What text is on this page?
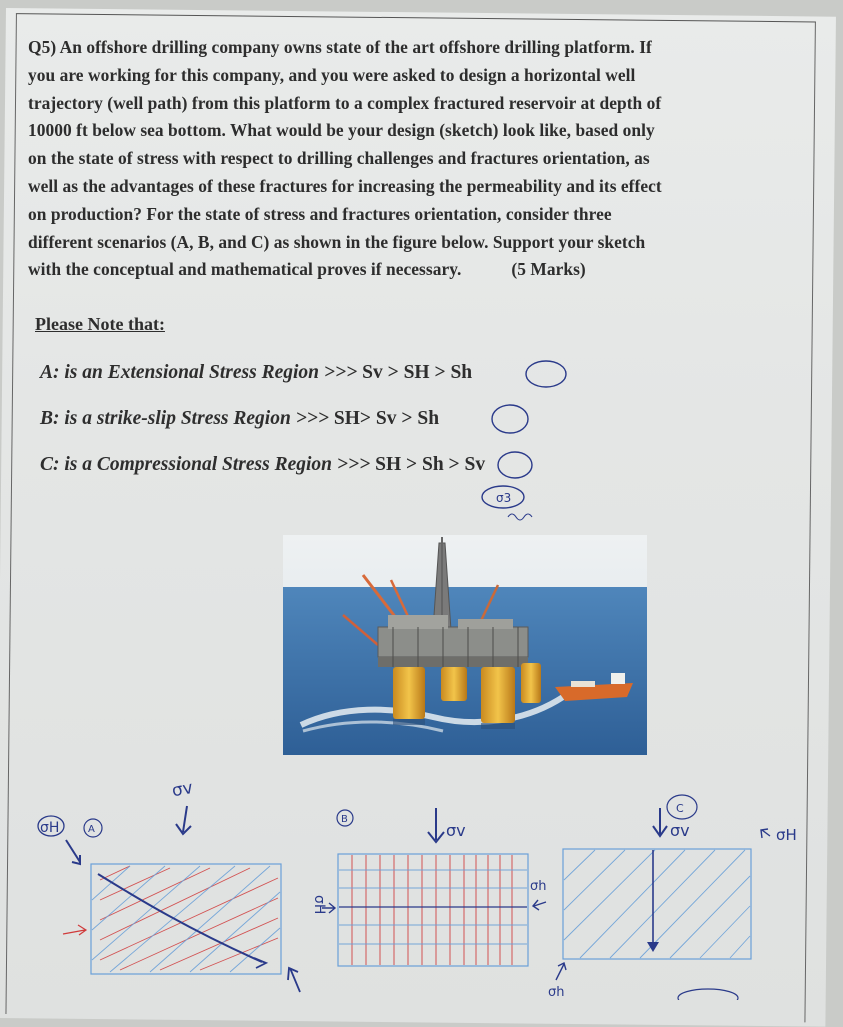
Q5) An offshore drilling company owns state of the art offshore drilling platform. If
you are working for this company, and you were asked to design a horizontal well
trajectory (well path) from this platform to a complex fractured reservoir at depth of
10000 ft below sea bottom. What would be your design (sketch) look like, based only
on the state of stress with respect to drilling challenges and fractures orientation, as
well as the advantages of these fractures for increasing the permeability and its effect
on production? For the state of stress and fractures orientation, consider three
different scenarios (A, B, and C) as shown in the figure below. Support your sketch
with the conceptual and mathematical proves if necessary.	(5 Marks)
Please Note that:
A: is an Extensional Stress Region >>> Sv > SH > Sh
B: is a strike-slip Stress Region >>> SH> Sv > Sh
C: is a Compressional Stress Region >>> SH > Sh > Sv
σ3
σH	A
σv
B
σv
σH
σh
σh
C
σv	σH
